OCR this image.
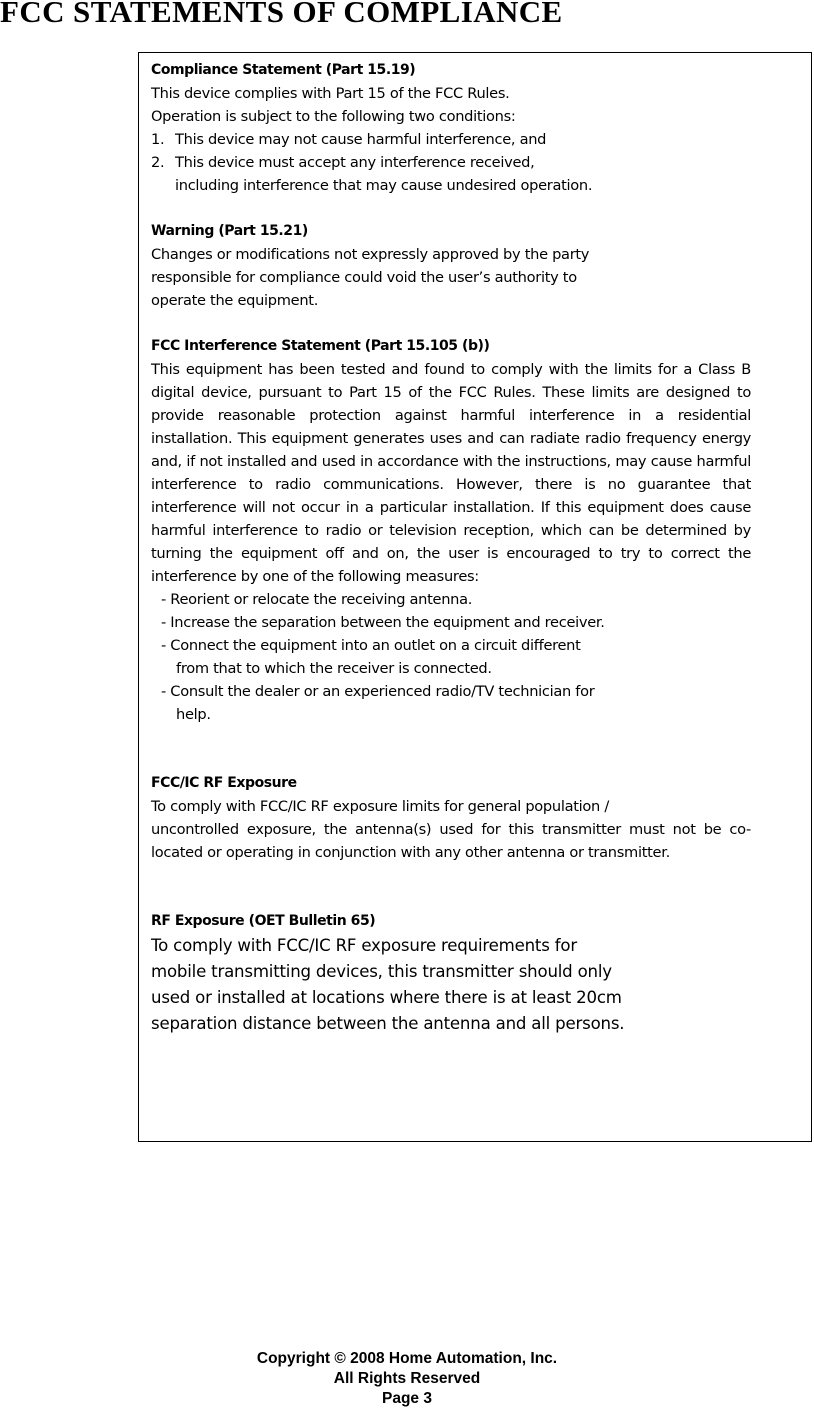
FCC STATEMENTS OF COMPLIANCE
Compliance Statement (Part 15.19)
This device complies with Part 15 of the FCC Rules.
Operation is subject to the following two conditions:
1. This device may not cause harmful interference, and
2. This device must accept any interference received,
including interference that may cause undesired operation.
Warning (Part 15.21)
Changes or modifications not expressly approved by the party
responsible for compliance could void the user’s authority to
operate the equipment.
FCC Interference Statement (Part 15.105 (b))
This equipment has been tested and found to comply with the limits for a Class B digital device, pursuant to Part 15 of the FCC Rules. These limits are designed to provide reasonable protection against harmful interference in a residential installation. This equipment generates uses and can radiate radio frequency energy and, if not installed and used in accordance with the instructions, may cause harmful interference to radio communications. However, there is no guarantee that interference will not occur in a particular installation. If this equipment does cause harmful interference to radio or television reception, which can be determined by turning the equipment off and on, the user is encouraged to try to correct the interference by one of the following measures:
- Reorient or relocate the receiving antenna.
- Increase the separation between the equipment and receiver.
- Connect the equipment into an outlet on a circuit different
from that to which the receiver is connected.
- Consult the dealer or an experienced radio/TV technician for
help.
FCC/IC RF Exposure
To comply with FCC/IC RF exposure limits for general population /
uncontrolled exposure, the antenna(s) used for this transmitter must not be co-located or operating in conjunction with any other antenna or transmitter.
RF Exposure (OET Bulletin 65)
To comply with FCC/IC RF exposure requirements for
mobile transmitting devices, this transmitter should only
used or installed at locations where there is at least 20cm
separation distance between the antenna and all persons.
Copyright © 2008 Home Automation, Inc.
All Rights Reserved
Page 3
